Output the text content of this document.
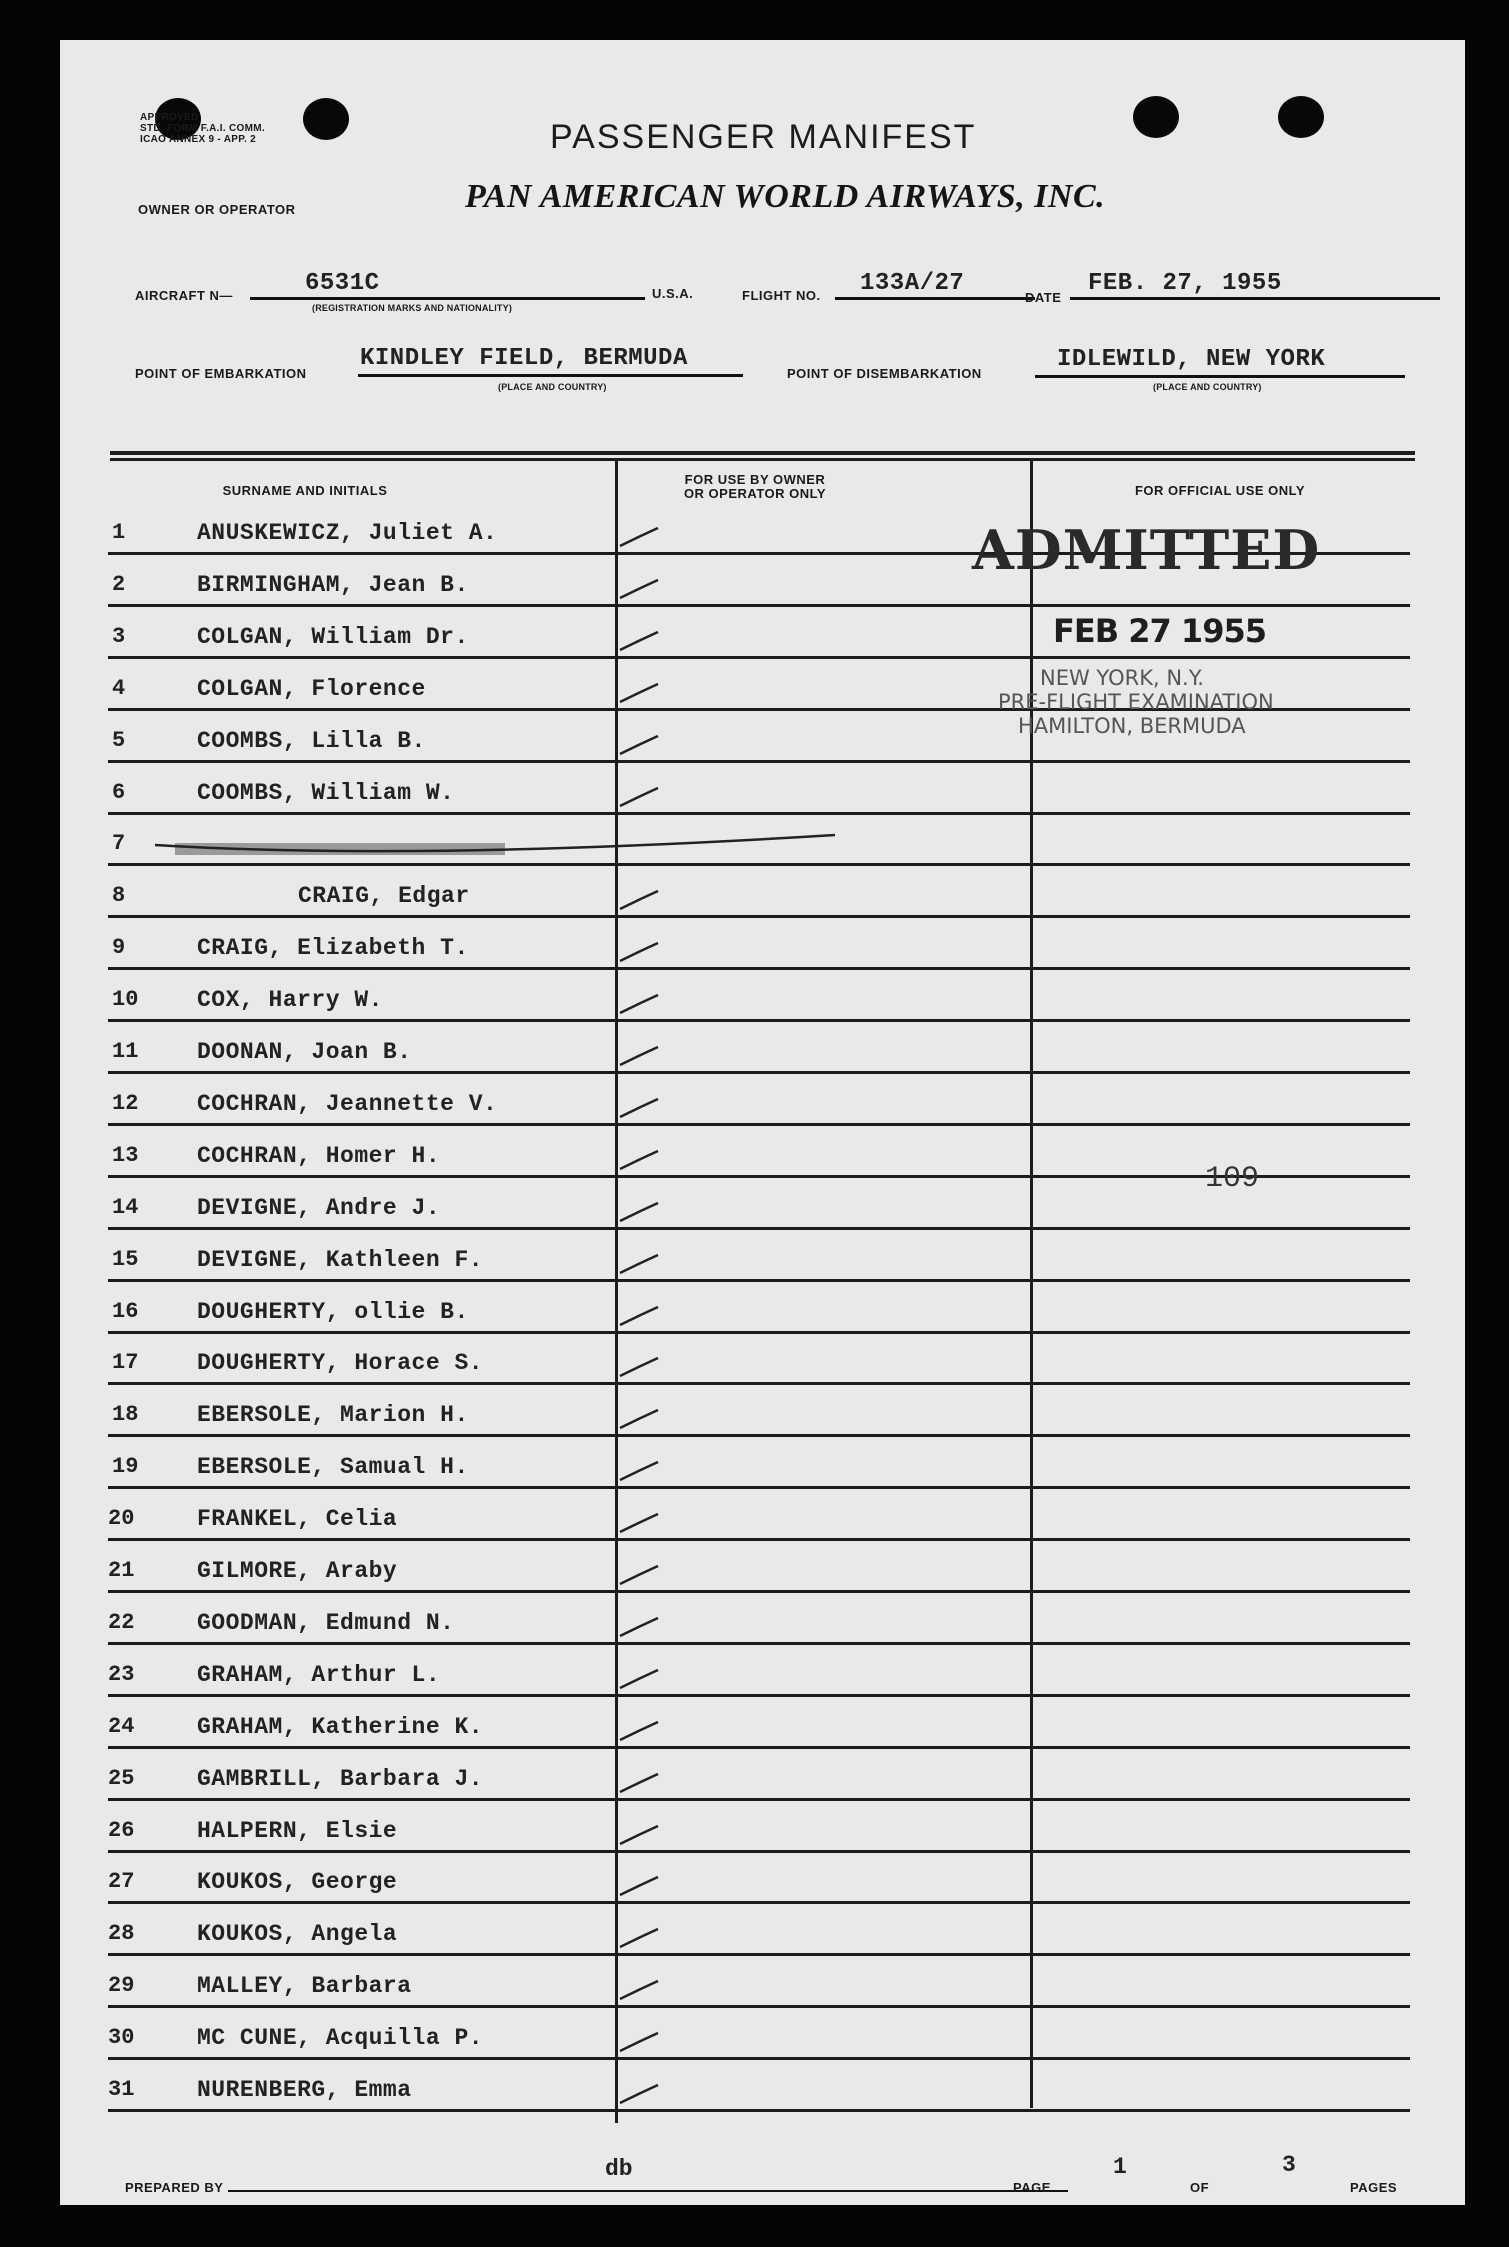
APPROVED
STD. FORM F.A.I. COMM.
ICAO ANNEX 9 - APP. 2	PASSENGER MANIFEST
OWNER OR OPERATOR	PAN AMERICAN WORLD AIRWAYS, INC.
AIRCRAFT N—	6531C
(REGISTRATION MARKS AND NATIONALITY)
U.S.A.	FLIGHT NO. 133A/27
DATE
FEB. 27, 1955
POINT OF EMBARKATION
KINDLEY FIELD, BERMUDA
(PLACE AND COUNTRY)
POINT OF DISEMBARKATION
IDLEWILD, NEW YORK
(PLACE AND COUNTRY)
SURNAME AND INITIALS
FOR USE BY OWNER
OR OPERATOR ONLY	FOR OFFICIAL USE ONLY
1	ANUSKEWICZ, Juliet A.
2	BIRMINGHAM, Jean B.
3	COLGAN, William Dr.
4	COLGAN, Florence
5	COOMBS, Lilla B.
6	COOMBS, William W.
7
8	CRAIG, Edgar
9	CRAIG, Elizabeth T.
10	COX, Harry W.
11	DOONAN, Joan B.
12	COCHRAN, Jeannette V.
13	COCHRAN, Homer H.
14	DEVIGNE, Andre J.
15	DEVIGNE, Kathleen F.
16	DOUGHERTY, ollie B.
17	DOUGHERTY, Horace S.
18	EBERSOLE, Marion H.
19	EBERSOLE, Samual H.
20	FRANKEL, Celia
21	GILMORE, Araby
22	GOODMAN, Edmund N.
23	GRAHAM, Arthur L.
24	GRAHAM, Katherine K.
25	GAMBRILL, Barbara J.
26	HALPERN, Elsie
27	KOUKOS, George
28	KOUKOS, Angela
29	MALLEY, Barbara
30	MC CUNE, Acquilla P.
31	NURENBERG, Emma
ADMITTED
FEB 27 1955
NEW YORK, N.Y.
PRE-FLIGHT EXAMINATION
HAMILTON, BERMUDA
109
PREPARED BY
db
PAGE
1
OF
3
PAGES
